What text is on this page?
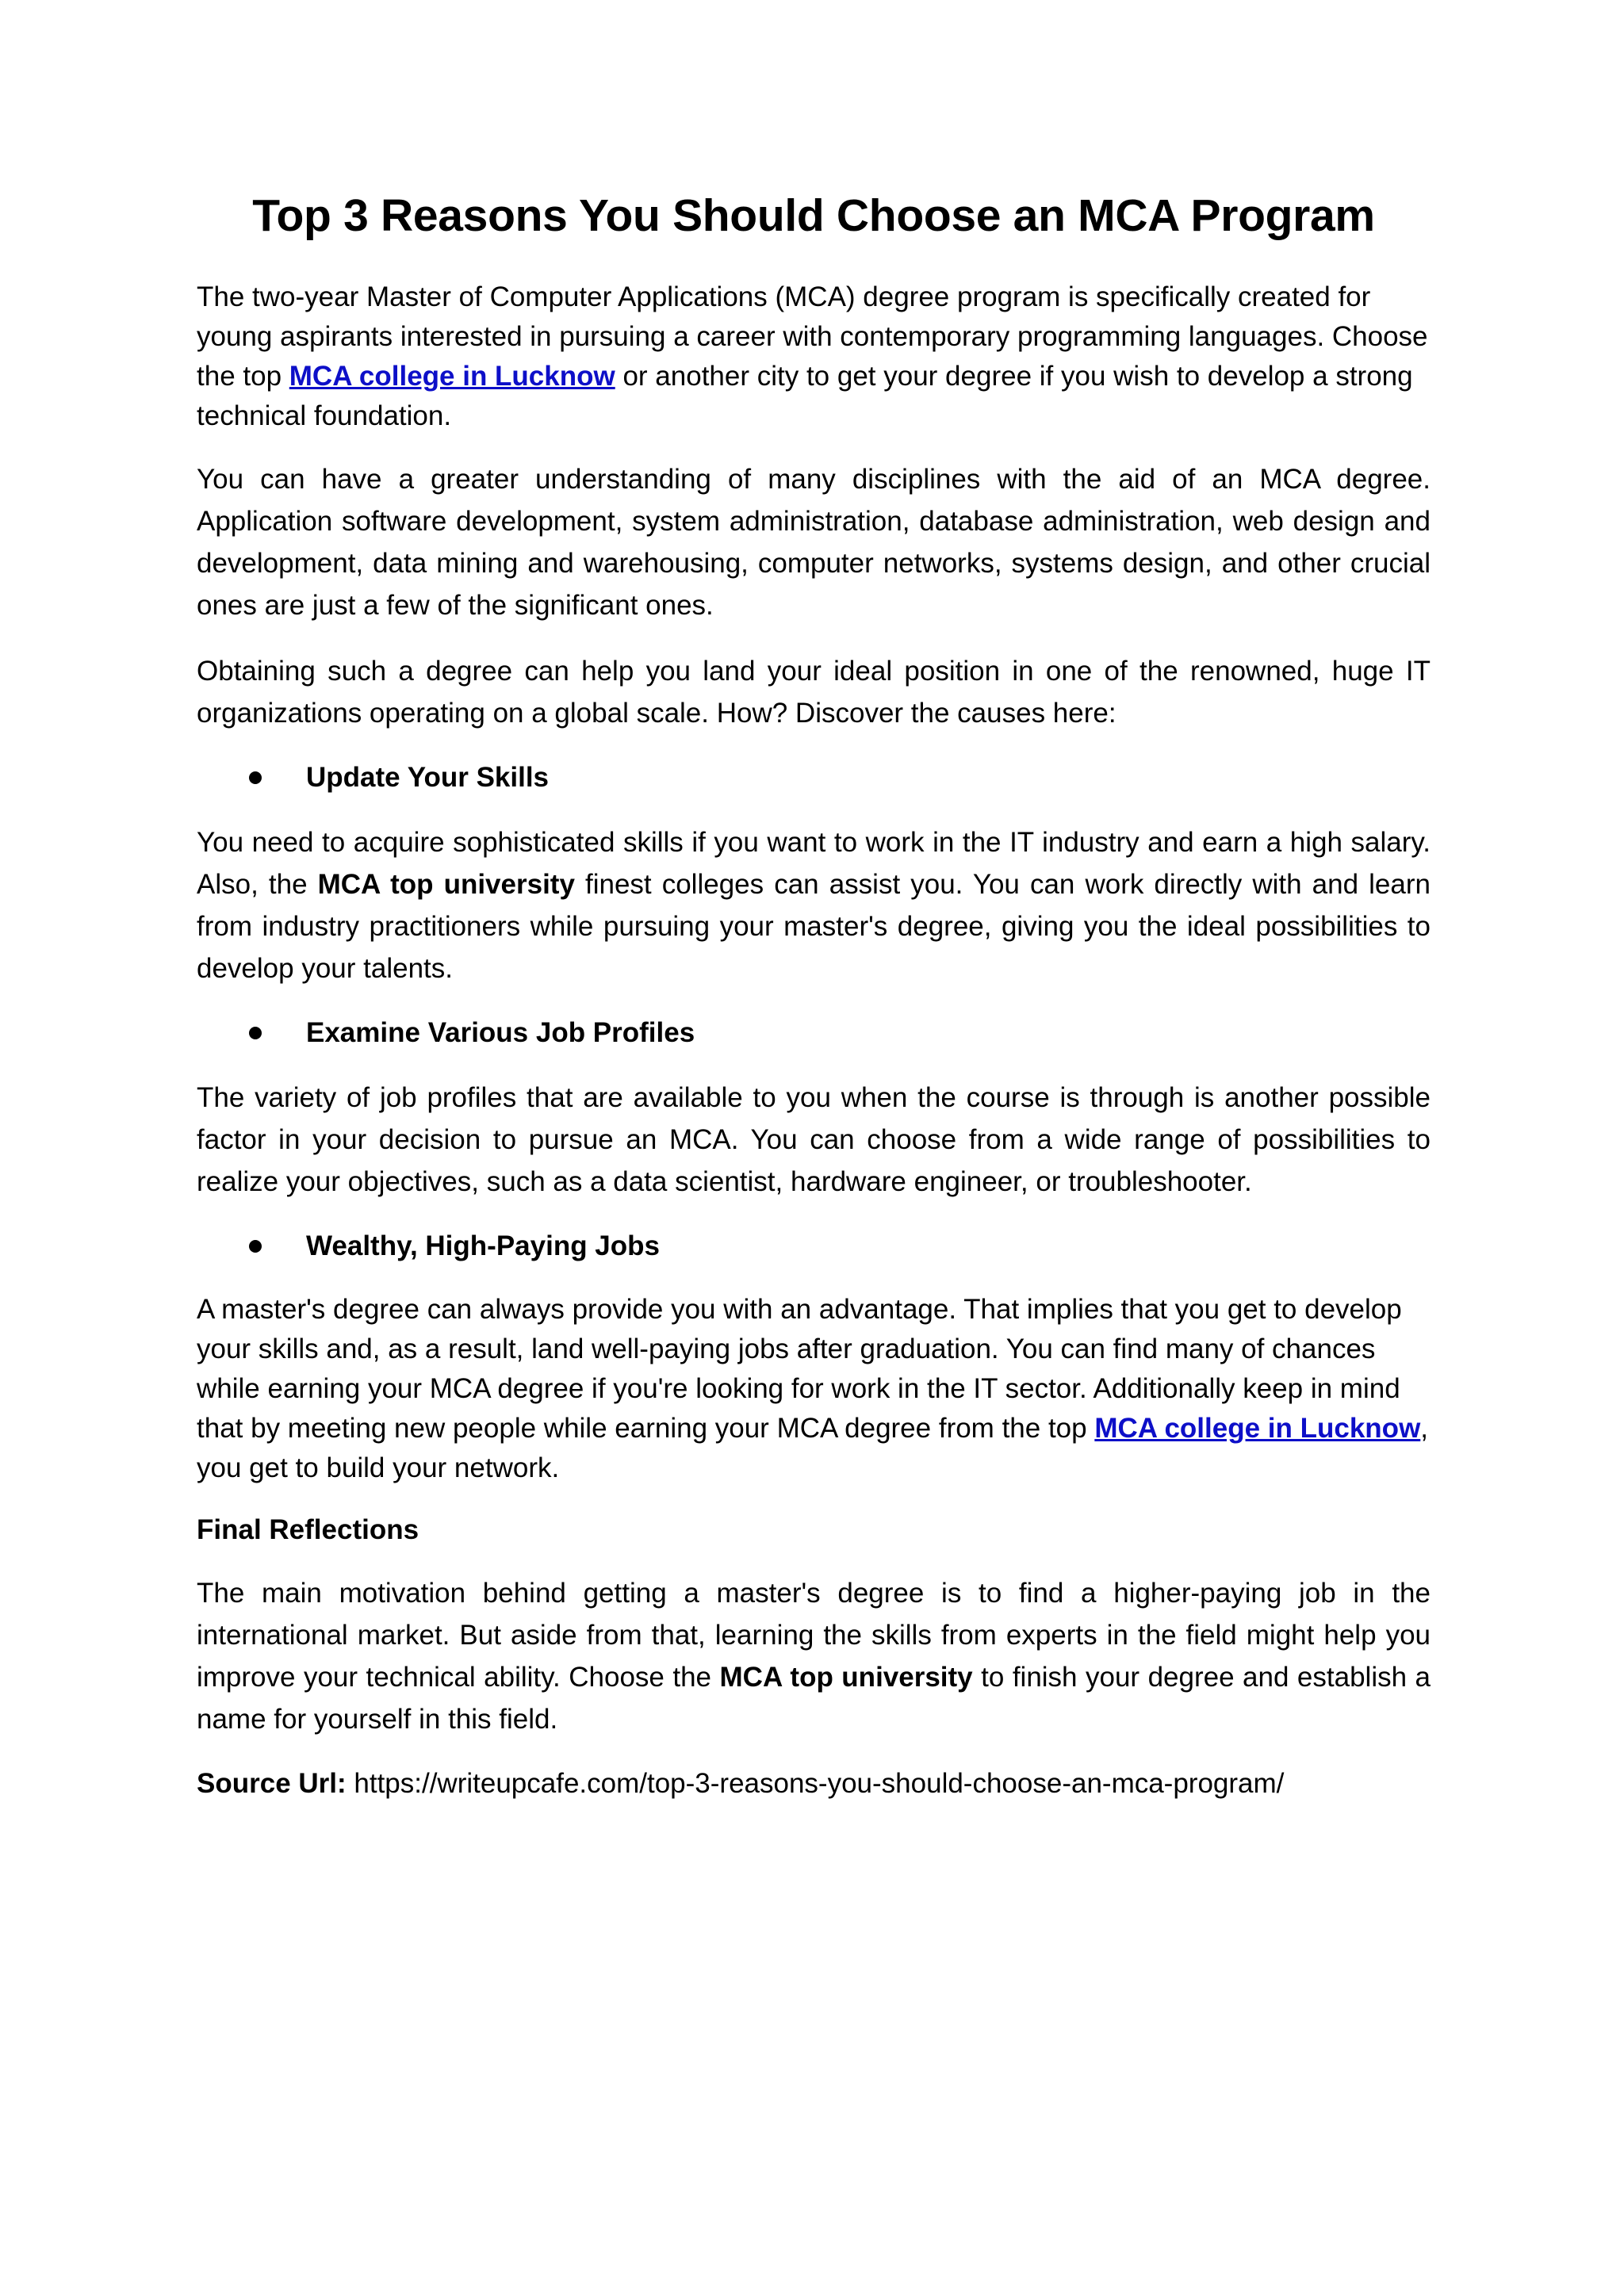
Top 3 Reasons You Should Choose an MCA Program

The two-year Master of Computer Applications (MCA) degree program is specifically created for young aspirants interested in pursuing a career with contemporary programming languages. Choose the top MCA college in Lucknow or another city to get your degree if you wish to develop a strong technical foundation.

You can have a greater understanding of many disciplines with the aid of an MCA degree. Application software development, system administration, database administration, web design and development, data mining and warehousing, computer networks, systems design, and other crucial ones are just a few of the significant ones.

Obtaining such a degree can help you land your ideal position in one of the renowned, huge IT organizations operating on a global scale. How? Discover the causes here:

Update Your Skills

You need to acquire sophisticated skills if you want to work in the IT industry and earn a high salary. Also, the MCA top university finest colleges can assist you. You can work directly with and learn from industry practitioners while pursuing your master's degree, giving you the ideal possibilities to develop your talents.

Examine Various Job Profiles

The variety of job profiles that are available to you when the course is through is another possible factor in your decision to pursue an MCA. You can choose from a wide range of possibilities to realize your objectives, such as a data scientist, hardware engineer, or troubleshooter.

Wealthy, High-Paying Jobs

A master's degree can always provide you with an advantage. That implies that you get to develop your skills and, as a result, land well-paying jobs after graduation. You can find many of chances while earning your MCA degree if you're looking for work in the IT sector. Additionally keep in mind that by meeting new people while earning your MCA degree from the top MCA college in Lucknow, you get to build your network.

Final Reflections

The main motivation behind getting a master's degree is to find a higher-paying job in the international market. But aside from that, learning the skills from experts in the field might help you improve your technical ability. Choose the MCA top university to finish your degree and establish a name for yourself in this field.

Source Url: https://writeupcafe.com/top-3-reasons-you-should-choose-an-mca-program/
